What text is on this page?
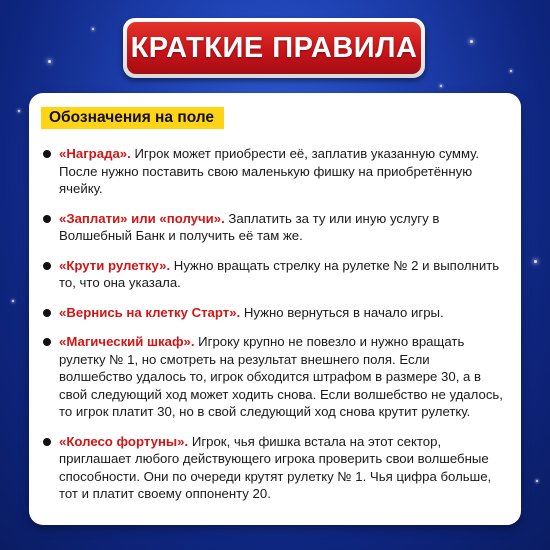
КРАТКИЕ ПРАВИЛА
Обозначения на поле
«Награда». Игрок может приобрести её, заплатив указанную сумму. После нужно поставить свою маленькую фишку на приобретённую ячейку.
«Заплати» или «получи». Заплатить за ту или иную услугу в Волшебный Банк и получить её там же.
«Крути рулетку». Нужно вращать стрелку на рулетке № 2 и выполнить то, что она указала.
«Вернись на клетку Старт». Нужно вернуться в начало игры.
«Магический шкаф». Игроку крупно не повезло и нужно вращать рулетку № 1, но смотреть на результат внешнего поля. Если волшебство удалось то, игрок обходится штрафом в размере 30, а в свой следующий ход может ходить снова. Если волшебство не удалось, то игрок платит 30, но в свой следующий ход снова крутит рулетку.
«Колесо фортуны». Игрок, чья фишка встала на этот сектор, приглашает любого действующего игрока проверить свои волшебные способности. Они по очереди крутят рулетку № 1. Чья цифра больше, тот и платит своему оппоненту 20.
